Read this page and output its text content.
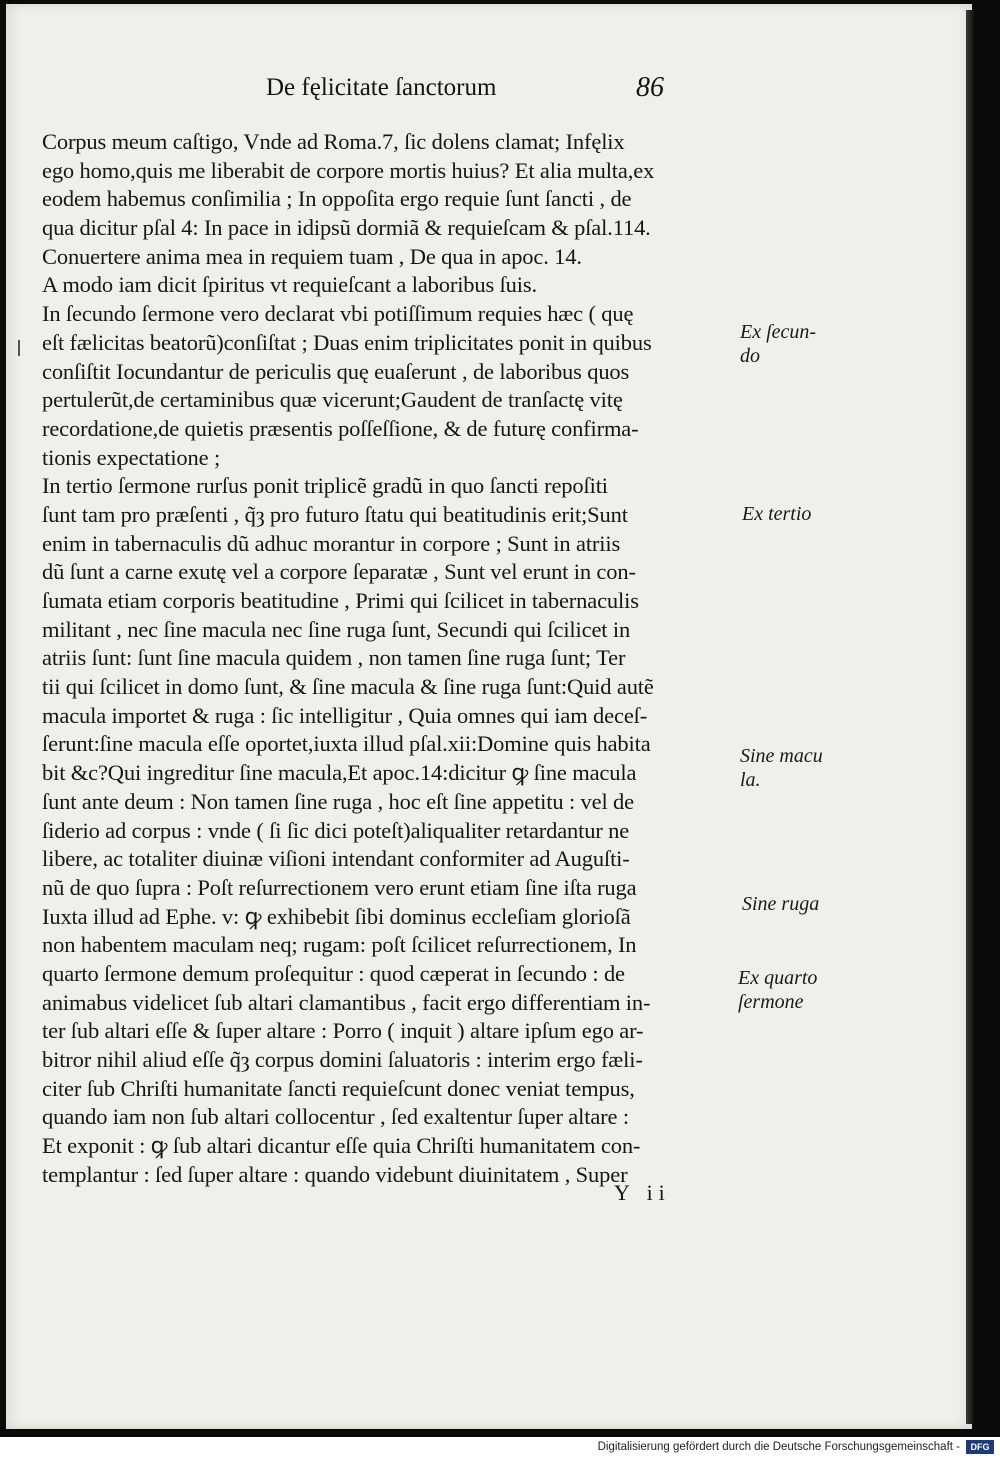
De fęlicitate ſanctorum	86
Corpus meum caſtigo, Vnde ad Roma.7, ſic dolens clamat; Infęlix
ego homo,quis me liberabit de corpore mortis huius? Et alia multa,ex
eodem habemus conſimilia ; In oppoſita ergo requie ſunt ſancti , de
qua dicitur pſal 4: In pace in idipsũ dormiã & requieſcam & pſal.114.
Conuertere anima mea in requiem tuam , De qua in apoc. 14.
A modo iam dicit ſpiritus vt requieſcant a laboribus ſuis.
In ſecundo ſermone vero declarat vbi potiſſimum requies hæc ( quę
eſt fælicitas beatorũ)conſiſtat ; Duas enim triplicitates ponit in quibus
conſiſtit Iocundantur de periculis quę euaſerunt , de laboribus quos
pertulerũt,de certaminibus quæ vicerunt;Gaudent de tranſactę vitę
recordatione,de quietis præsentis poſſeſſione, & de futurę confirma-
tionis expectatione ;
In tertio ſermone rurſus ponit triplicẽ gradũ in quo ſancti repoſiti
ſunt tam pro præſenti , q̃ȝ pro futuro ſtatu qui beatitudinis erit;Sunt
enim in tabernaculis dũ adhuc morantur in corpore ; Sunt in atriis
dũ ſunt a carne exutę vel a corpore ſeparatæ , Sunt vel erunt in con-
ſumata etiam corporis beatitudine , Primi qui ſcilicet in tabernaculis
militant , nec ſine macula nec ſine ruga ſunt, Secundi qui ſcilicet in
atriis ſunt: ſunt ſine macula quidem , non tamen ſine ruga ſunt; Ter
tii qui ſcilicet in domo ſunt, & ſine macula & ſine ruga ſunt:Quid autẽ
macula importet & ruga : ſic intelligitur , Quia omnes qui iam deceſ-
ſerunt:ſine macula eſſe oportet,iuxta illud pſal.xii:Domine quis habita
bit &c?Qui ingreditur ſine macula,Et apoc.14:dicitur ꝙ ſine macula
ſunt ante deum : Non tamen ſine ruga , hoc eſt ſine appetitu : vel de
ſiderio ad corpus : vnde ( ſi ſic dici poteſt)aliqualiter retardantur ne
libere, ac totaliter diuinæ viſioni intendant conformiter ad Auguſti-
nũ de quo ſupra : Poſt reſurrectionem vero erunt etiam ſine iſta ruga
Iuxta illud ad Ephe. v: ꝙ exhibebit ſibi dominus eccleſiam glorioſã
non habentem maculam neq; rugam: poſt ſcilicet reſurrectionem, In
quarto ſermone demum proſequitur : quod cæperat in ſecundo : de
animabus videlicet ſub altari clamantibus , facit ergo differentiam in-
ter ſub altari eſſe & ſuper altare : Porro ( inquit ) altare ipſum ego ar-
bitror nihil aliud eſſe q̃ȝ corpus domini ſaluatoris : interim ergo fæli-
citer ſub Chriſti humanitate ſancti requieſcunt donec veniat tempus,
quando iam non ſub altari collocentur , ſed exaltentur ſuper altare :
Et exponit : ꝙ ſub altari dicantur eſſe quia Chriſti humanitatem con-
templantur : ſed ſuper altare : quando videbunt diuinitatem , Super
Ex ſecun-
do
Ex tertio
Sine macu
la.
Sine ruga
Ex quarto
ſermone
Y ii
Digitalisierung gefördert durch die Deutsche Forschungsgemeinschaft -	DFG
